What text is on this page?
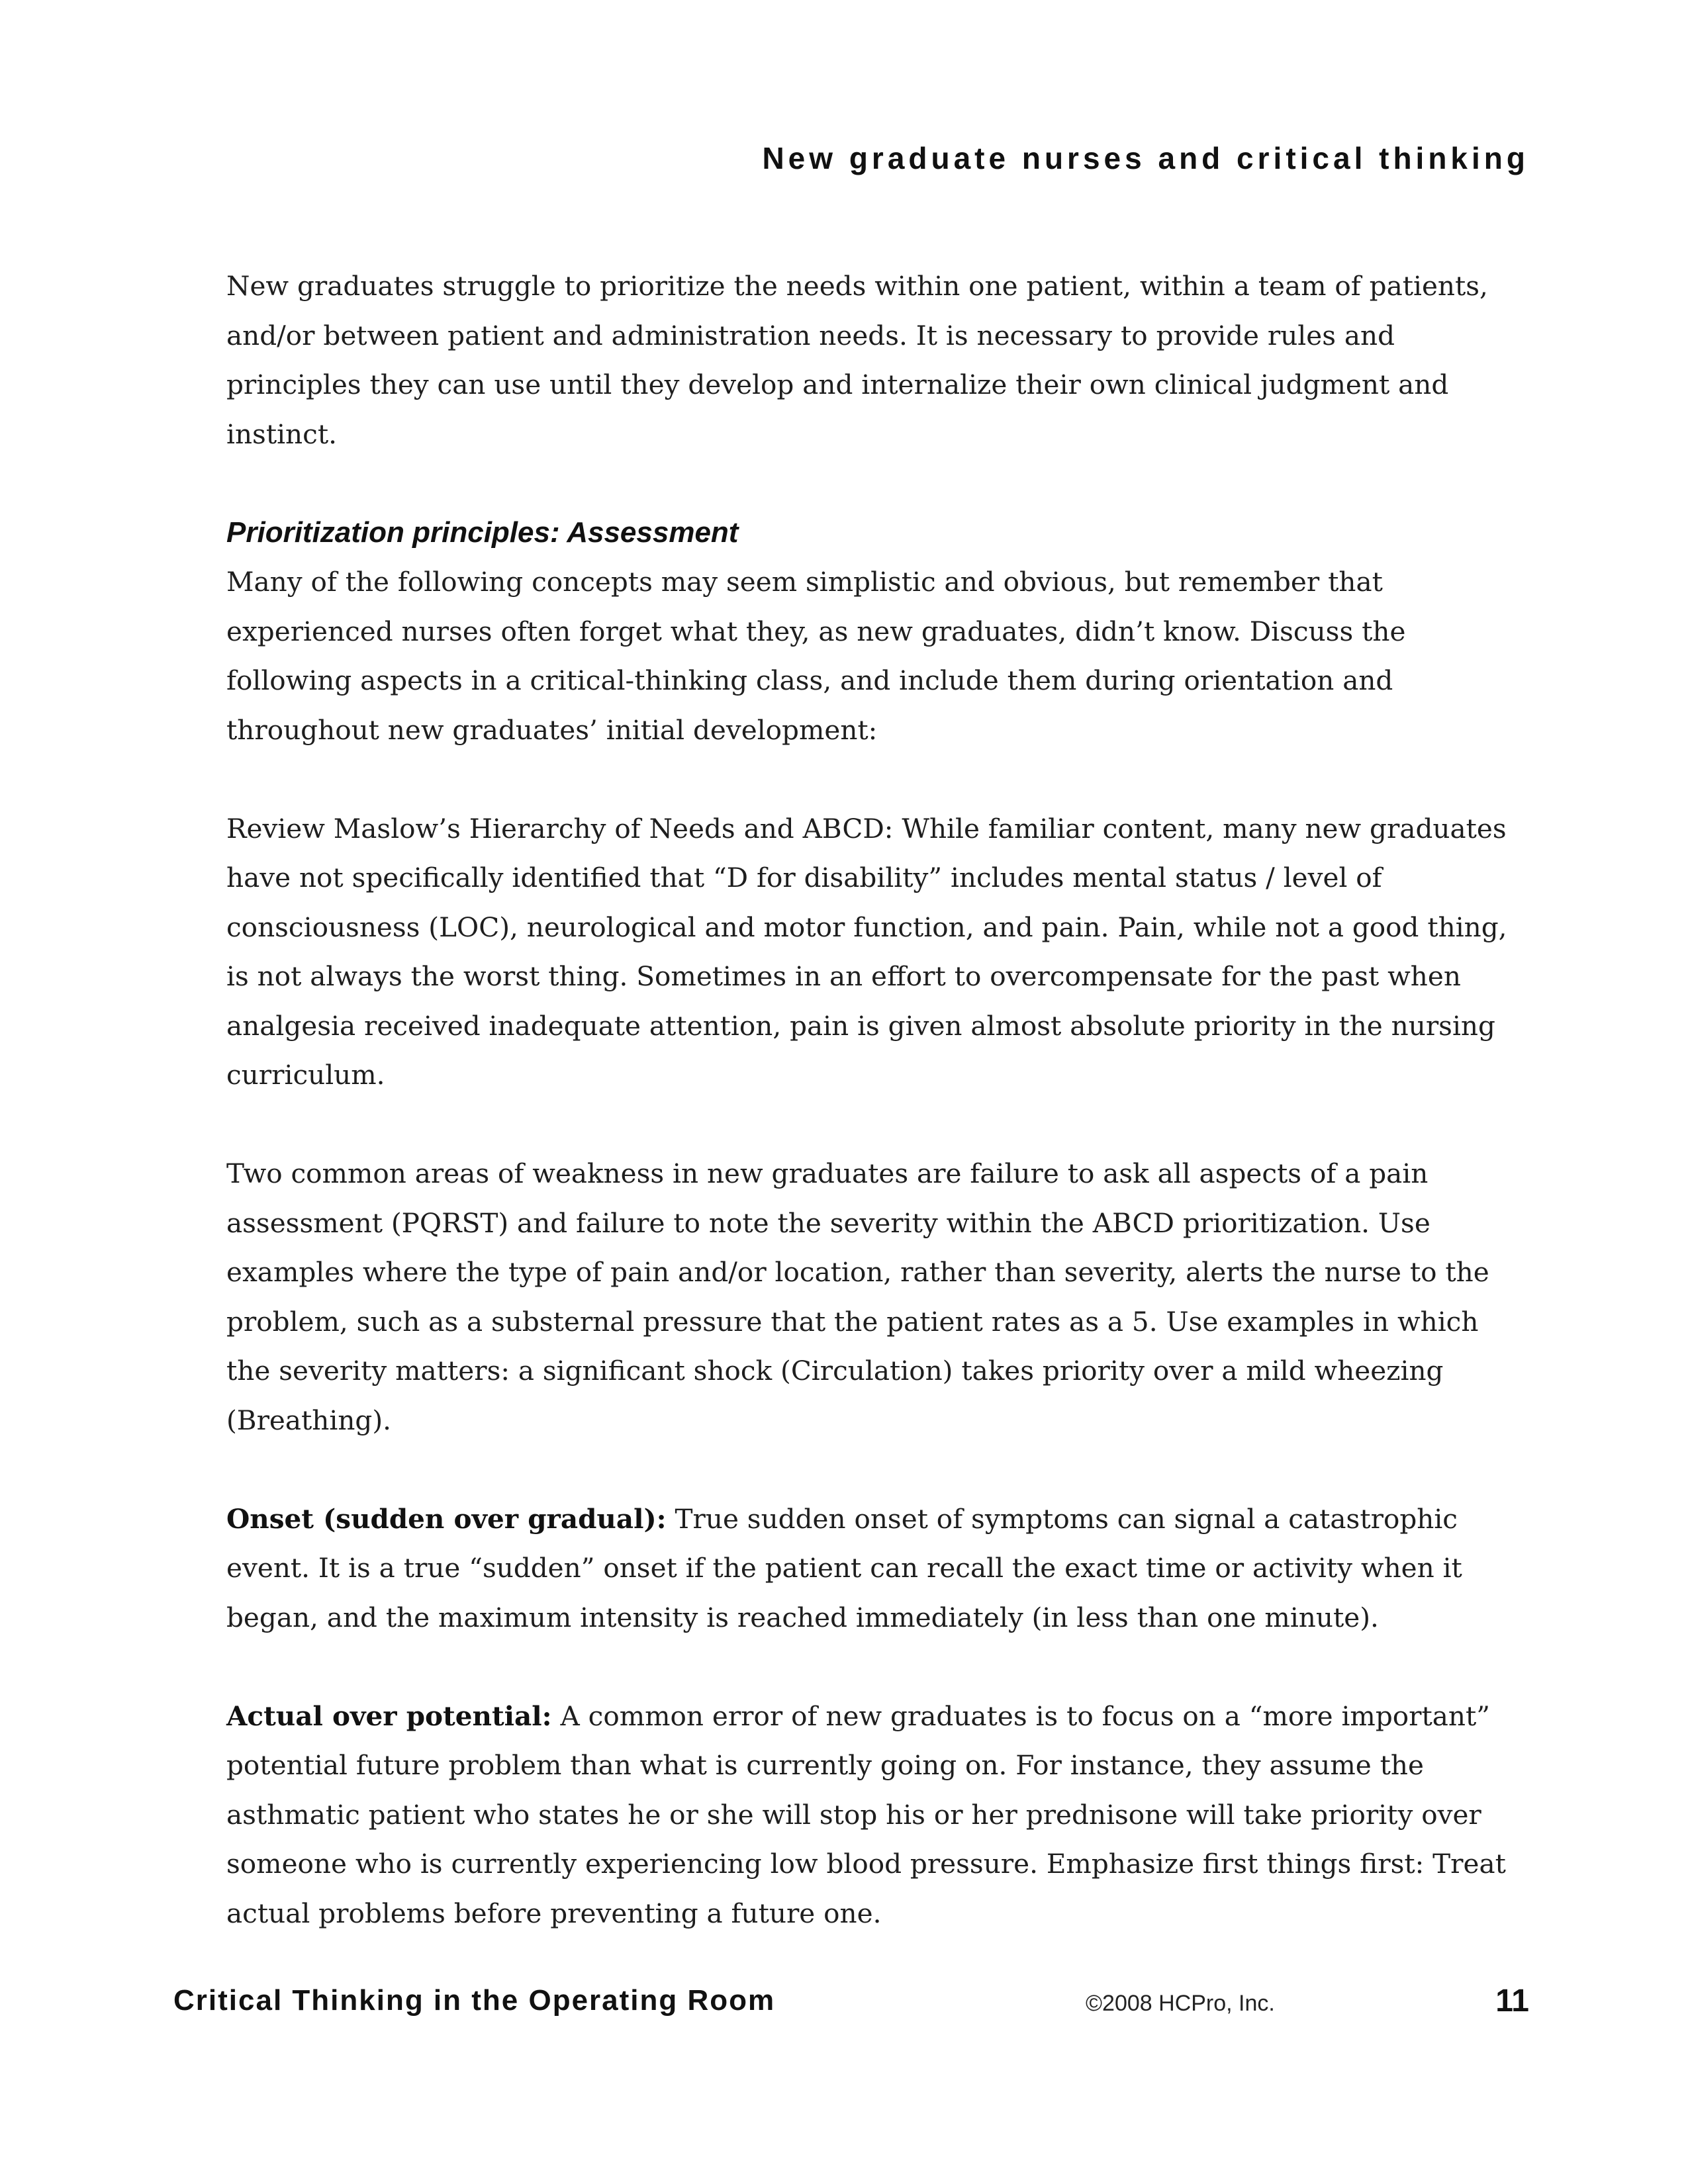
New graduate nurses and critical thinking

New graduates struggle to prioritize the needs within one patient, within a team of patients, and/or between patient and administration needs. It is necessary to provide rules and principles they can use until they develop and internalize their own clinical judgment and instinct.

Prioritization principles: Assessment

Many of the following concepts may seem simplistic and obvious, but remember that experienced nurses often forget what they, as new graduates, didn’t know. Discuss the following aspects in a critical-thinking class, and include them during orientation and throughout new graduates’ initial development:

Review Maslow’s Hierarchy of Needs and ABCD: While familiar content, many new graduates have not specifically identified that “D for disability” includes mental status / level of consciousness (LOC), neurological and motor function, and pain. Pain, while not a good thing, is not always the worst thing. Sometimes in an effort to overcompensate for the past when analgesia received inadequate attention, pain is given almost absolute priority in the nursing curriculum.

Two common areas of weakness in new graduates are failure to ask all aspects of a pain assessment (PQRST) and failure to note the severity within the ABCD prioritization. Use examples where the type of pain and/or location, rather than severity, alerts the nurse to the problem, such as a substernal pressure that the patient rates as a 5. Use examples in which the severity matters: a significant shock (Circulation) takes priority over a mild wheezing (Breathing).

Onset (sudden over gradual): True sudden onset of symptoms can signal a catastrophic event. It is a true “sudden” onset if the patient can recall the exact time or activity when it began, and the maximum intensity is reached immediately (in less than one minute).

Actual over potential: A common error of new graduates is to focus on a “more important” potential future problem than what is currently going on. For instance, they assume the asthmatic patient who states he or she will stop his or her prednisone will take priority over someone who is currently experiencing low blood pressure. Emphasize first things first: Treat actual problems before preventing a future one.

Critical Thinking in the Operating Room	©2008 HCPro, Inc.	11
